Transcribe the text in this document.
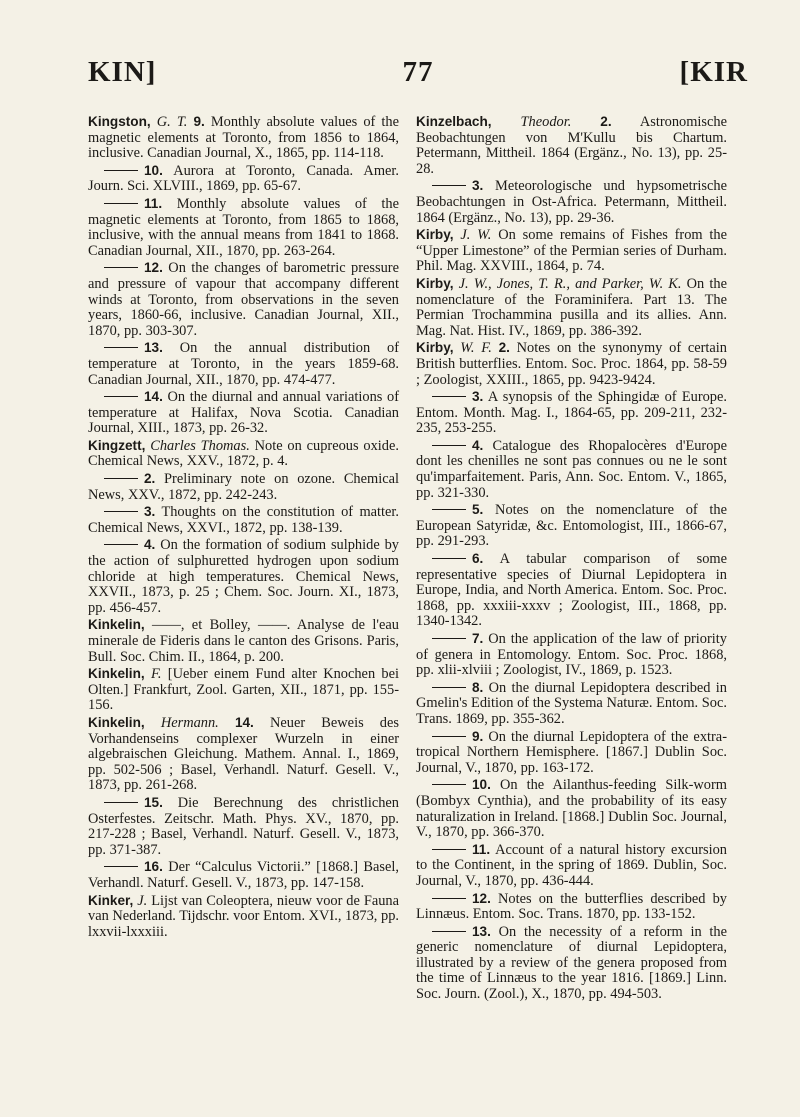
KIN]	77	[KIR

Kingston, G. T. 9. Monthly absolute values of the magnetic elements at Toronto, from 1856 to 1864, inclusive. Canadian Journal, X., 1865, pp. 114-118.

10. Aurora at Toronto, Canada. Amer. Journ. Sci. XLVIII., 1869, pp. 65-67.

11. Monthly absolute values of the magnetic elements at Toronto, from 1865 to 1868, inclusive, with the annual means from 1841 to 1868. Canadian Journal, XII., 1870, pp. 263-264.

12. On the changes of barometric pressure and pressure of vapour that accompany different winds at Toronto, from observations in the seven years, 1860-66, inclusive. Canadian Journal, XII., 1870, pp. 303-307.

13. On the annual distribution of temperature at Toronto, in the years 1859-68. Canadian Journal, XII., 1870, pp. 474-477.

14. On the diurnal and annual variations of temperature at Halifax, Nova Scotia. Canadian Journal, XIII., 1873, pp. 26-32.

Kingzett, Charles Thomas. Note on cupreous oxide. Chemical News, XXV., 1872, p. 4.

2. Preliminary note on ozone. Chemical News, XXV., 1872, pp. 242-243.

3. Thoughts on the constitution of matter. Chemical News, XXVI., 1872, pp. 138-139.

4. On the formation of sodium sulphide by the action of sulphuretted hydrogen upon sodium chloride at high temperatures. Chemical News, XXVII., 1873, p. 25 ; Chem. Soc. Journ. XI., 1873, pp. 456-457.

Kinkelin, ——, et Bolley, ——. Analyse de l'eau minerale de Fideris dans le canton des Grisons. Paris, Bull. Soc. Chim. II., 1864, p. 200.

Kinkelin, F. [Ueber einem Fund alter Knochen bei Olten.] Frankfurt, Zool. Garten, XII., 1871, pp. 155-156.

Kinkelin, Hermann. 14. Neuer Beweis des Vorhandenseins complexer Wurzeln in einer algebraischen Gleichung. Mathem. Annal. I., 1869, pp. 502-506 ; Basel, Verhandl. Naturf. Gesell. V., 1873, pp. 261-268.

15. Die Berechnung des christlichen Osterfestes. Zeitschr. Math. Phys. XV., 1870, pp. 217-228 ; Basel, Verhandl. Naturf. Gesell. V., 1873, pp. 371-387.

16. Der “Calculus Victorii.” [1868.] Basel, Verhandl. Naturf. Gesell. V., 1873, pp. 147-158.

Kinker, J. Lijst van Coleoptera, nieuw voor de Fauna van Nederland. Tijdschr. voor Entom. XVI., 1873, pp. lxxvii-lxxxiii.

Kinzelbach, Theodor. 2. Astronomische Beobachtungen von M'Kullu bis Chartum. Petermann, Mittheil. 1864 (Ergänz., No. 13), pp. 25-28.

3. Meteorologische und hypsometrische Beobachtungen in Ost-Africa. Petermann, Mittheil. 1864 (Ergänz., No. 13), pp. 29-36.

Kirby, J. W. On some remains of Fishes from the “Upper Limestone” of the Permian series of Durham. Phil. Mag. XXVIII., 1864, p. 74.

Kirby, J. W., Jones, T. R., and Parker, W. K. On the nomenclature of the Foraminifera. Part 13. The Permian Trochammina pusilla and its allies. Ann. Mag. Nat. Hist. IV., 1869, pp. 386-392.

Kirby, W. F. 2. Notes on the synonymy of certain British butterflies. Entom. Soc. Proc. 1864, pp. 58-59 ; Zoologist, XXIII., 1865, pp. 9423-9424.

3. A synopsis of the Sphingidæ of Europe. Entom. Month. Mag. I., 1864-65, pp. 209-211, 232-235, 253-255.

4. Catalogue des Rhopalocères d'Europe dont les chenilles ne sont pas connues ou ne le sont qu'imparfaitement. Paris, Ann. Soc. Entom. V., 1865, pp. 321-330.

5. Notes on the nomenclature of the European Satyridæ, &c. Entomologist, III., 1866-67, pp. 291-293.

6. A tabular comparison of some representative species of Diurnal Lepidoptera in Europe, India, and North America. Entom. Soc. Proc. 1868, pp. xxxiii-xxxv ; Zoologist, III., 1868, pp. 1340-1342.

7. On the application of the law of priority of genera in Entomology. Entom. Soc. Proc. 1868, pp. xlii-xlviii ; Zoologist, IV., 1869, p. 1523.

8. On the diurnal Lepidoptera described in Gmelin's Edition of the Systema Naturæ. Entom. Soc. Trans. 1869, pp. 355-362.

9. On the diurnal Lepidoptera of the extra-tropical Northern Hemisphere. [1867.] Dublin Soc. Journal, V., 1870, pp. 163-172.

10. On the Ailanthus-feeding Silk-worm (Bombyx Cynthia), and the probability of its easy naturalization in Ireland. [1868.] Dublin Soc. Journal, V., 1870, pp. 366-370.

11. Account of a natural history excursion to the Continent, in the spring of 1869. Dublin, Soc. Journal, V., 1870, pp. 436-444.

12. Notes on the butterflies described by Linnæus. Entom. Soc. Trans. 1870, pp. 133-152.

13. On the necessity of a reform in the generic nomenclature of diurnal Lepidoptera, illustrated by a review of the genera proposed from the time of Linnæus to the year 1816. [1869.] Linn. Soc. Journ. (Zool.), X., 1870, pp. 494-503.
